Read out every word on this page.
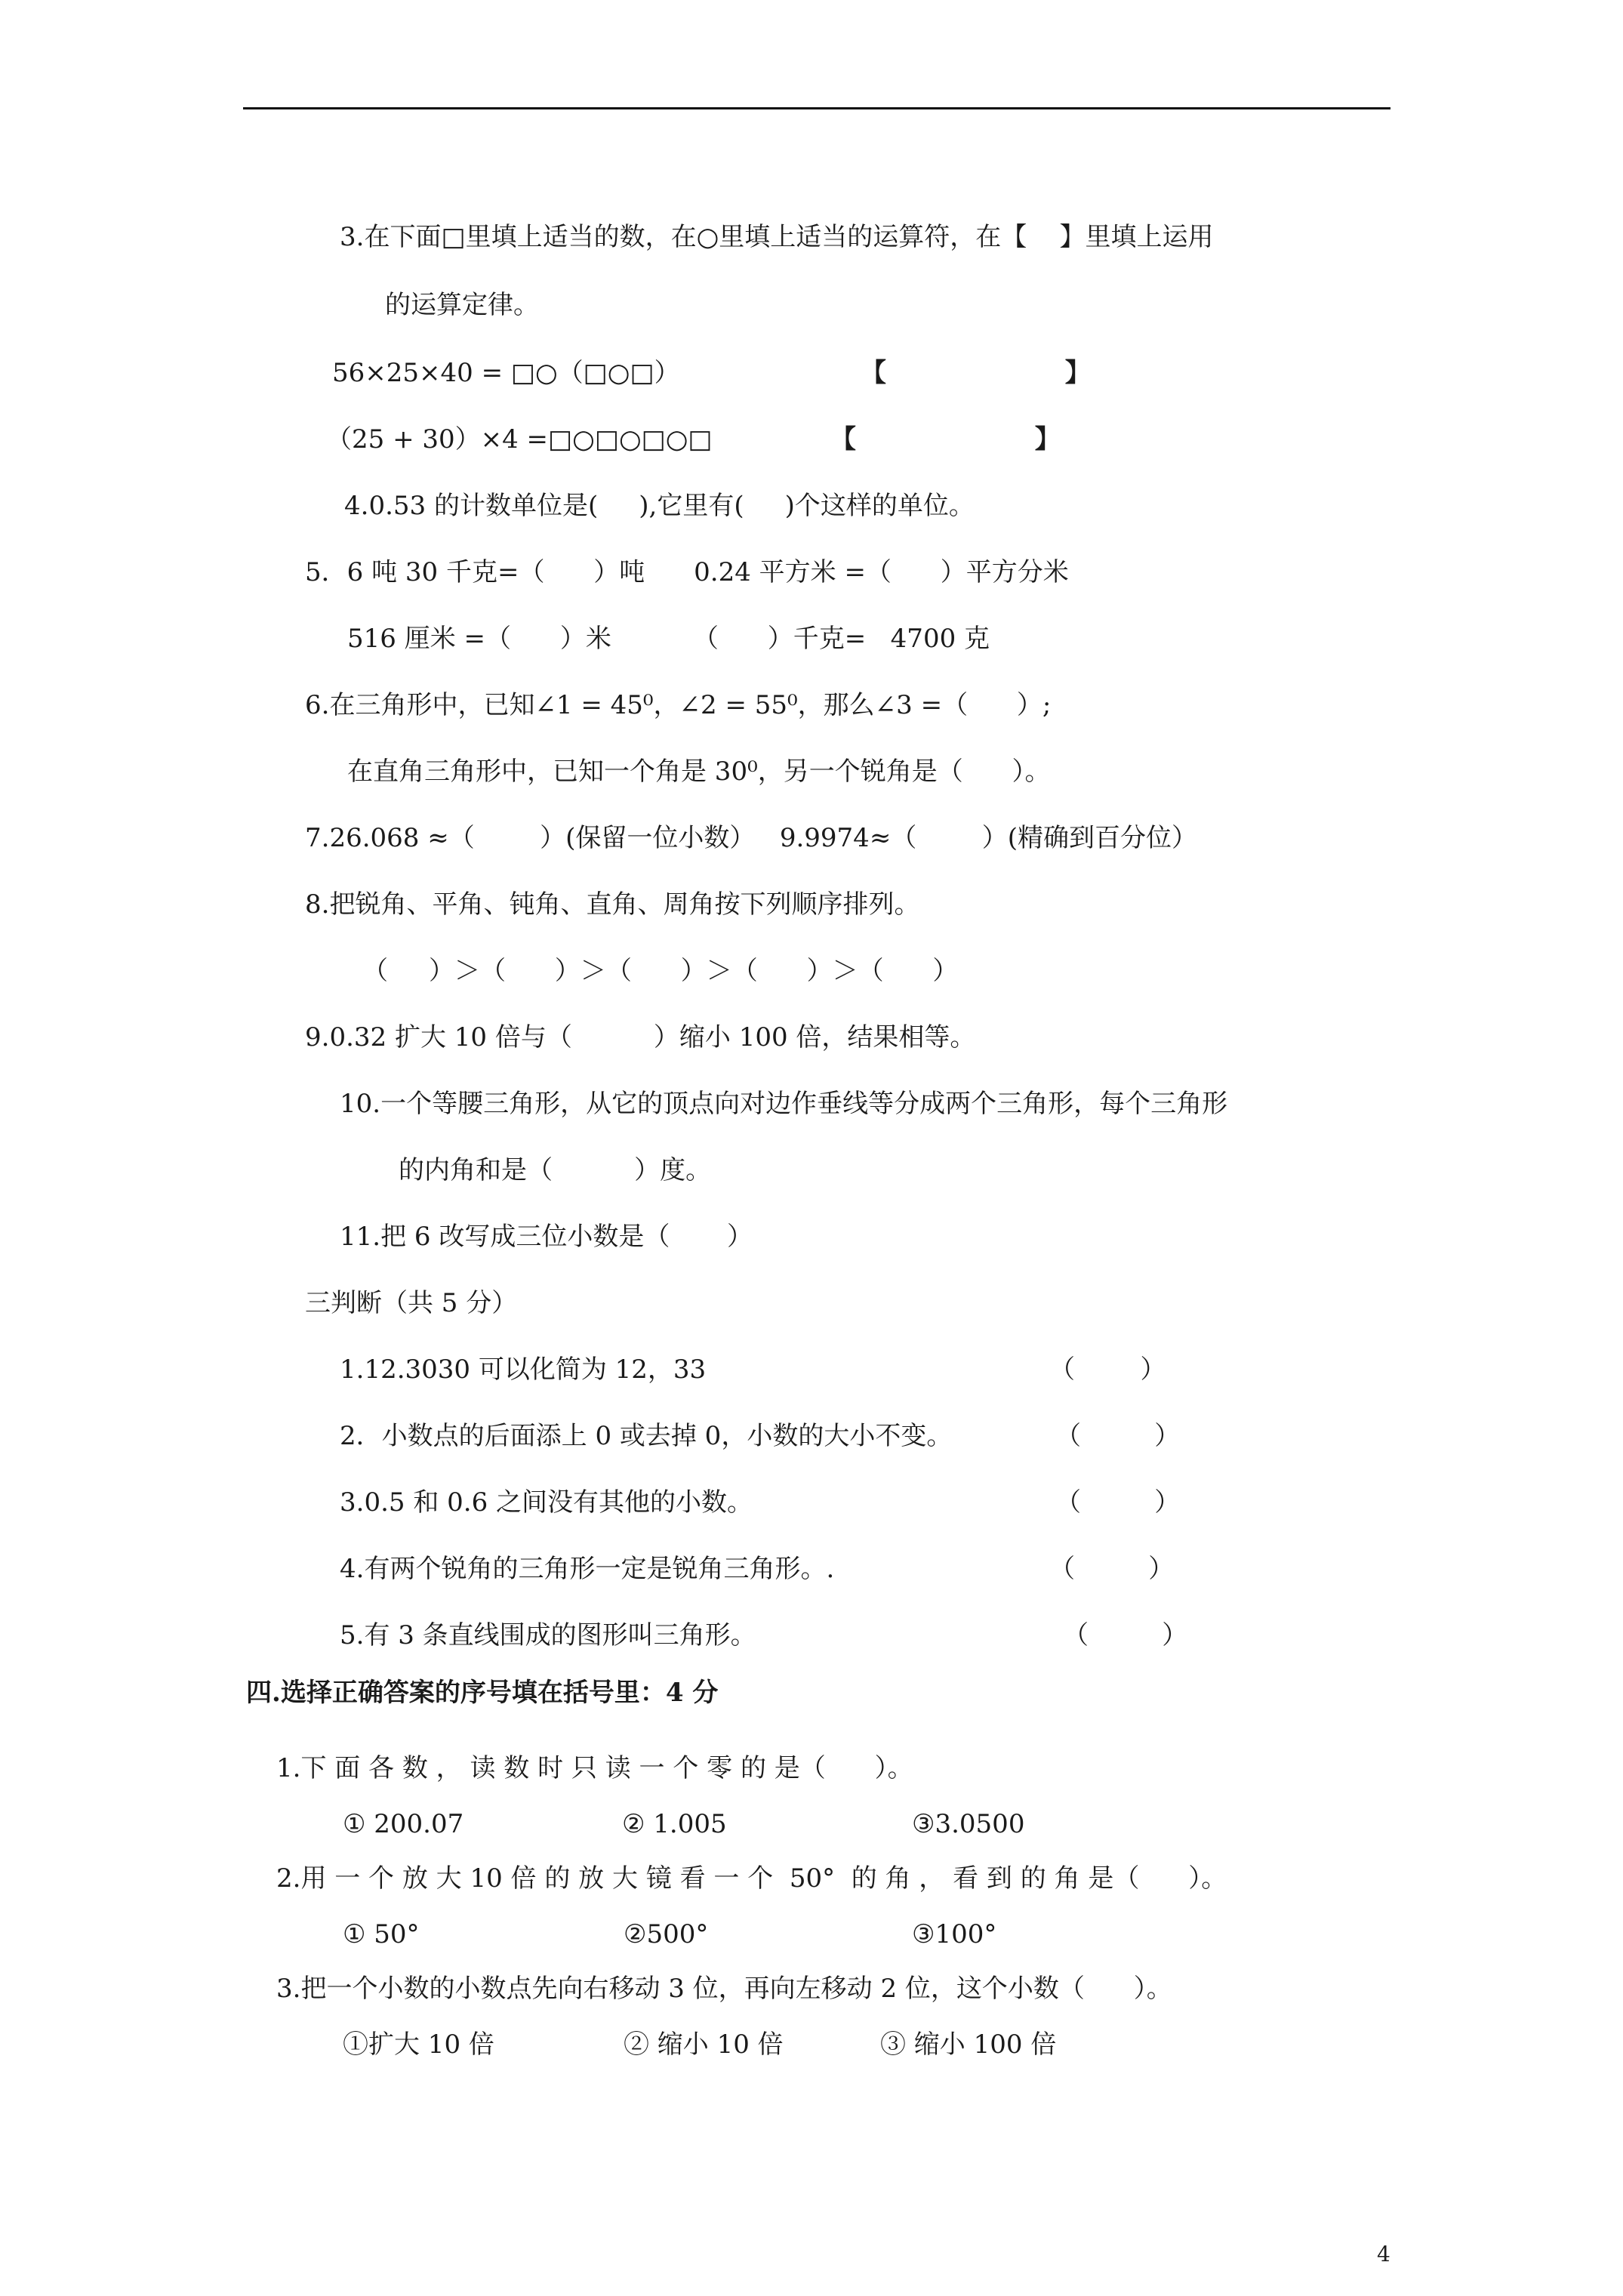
3.在下面□里填上适当的数，在○里填上适当的运算符，在【    】里填上运用
的运算定律。
56×25×40 = □○（□○□）	【                    】
（25 + 30）×4 =□○□○□○□	【                    】
4.0.53 的计数单位是(     ),它里有(     )个这样的单位。
5．6 吨 30 千克=（      ）吨      0.24 平方米 =（      ）平方分米
516 厘米 =（      ）米          （      ）千克=   4700 克
6.在三角形中，已知∠1 = 45⁰，∠2 = 55⁰，那么∠3 =（      ）;
在直角三角形中，已知一个角是 30⁰，另一个锐角是（      ）。
7.26.068 ≈（        ）(保留一位小数）   9.9974≈（        ）(精确到百分位）
8.把锐角、平角、钝角、直角、周角按下列顺序排列。
（     ）＞（      ）＞（      ）＞（      ）＞（      ）
9.0.32 扩大 10 倍与（          ）缩小 100 倍，结果相等。
10.一个等腰三角形，从它的顶点向对边作垂线等分成两个三角形，每个三角形
的内角和是（          ）度。
11.把 6 改写成三位小数是（       ）
三判断（共 5 分）
1.12.3030 可以化简为 12，33	（        ）
2．小数点的后面添上 0 或去掉 0，小数的大小不变。	（         ）
3.0.5 和 0.6 之间没有其他的小数。	（         ）
4.有两个锐角的三角形一定是锐角三角形。.	（         ）
5.有 3 条直线围成的图形叫三角形。	（         ）
四.选择正确答案的序号填在括号里：4 分
1.下 面 各 数 ， 读 数 时 只 读 一 个 零 的 是（      ）。
① 200.07	② 1.005	③3.0500
2.用 一 个 放 大 10 倍 的 放 大 镜 看 一 个  50°  的 角 ， 看 到 的 角 是（      ）。
① 50°	②500°	③100°
3.把一个小数的小数点先向右移动 3 位，再向左移动 2 位，这个小数（      ）。
①扩大 10 倍	② 缩小 10 倍	③ 缩小 100 倍
4
